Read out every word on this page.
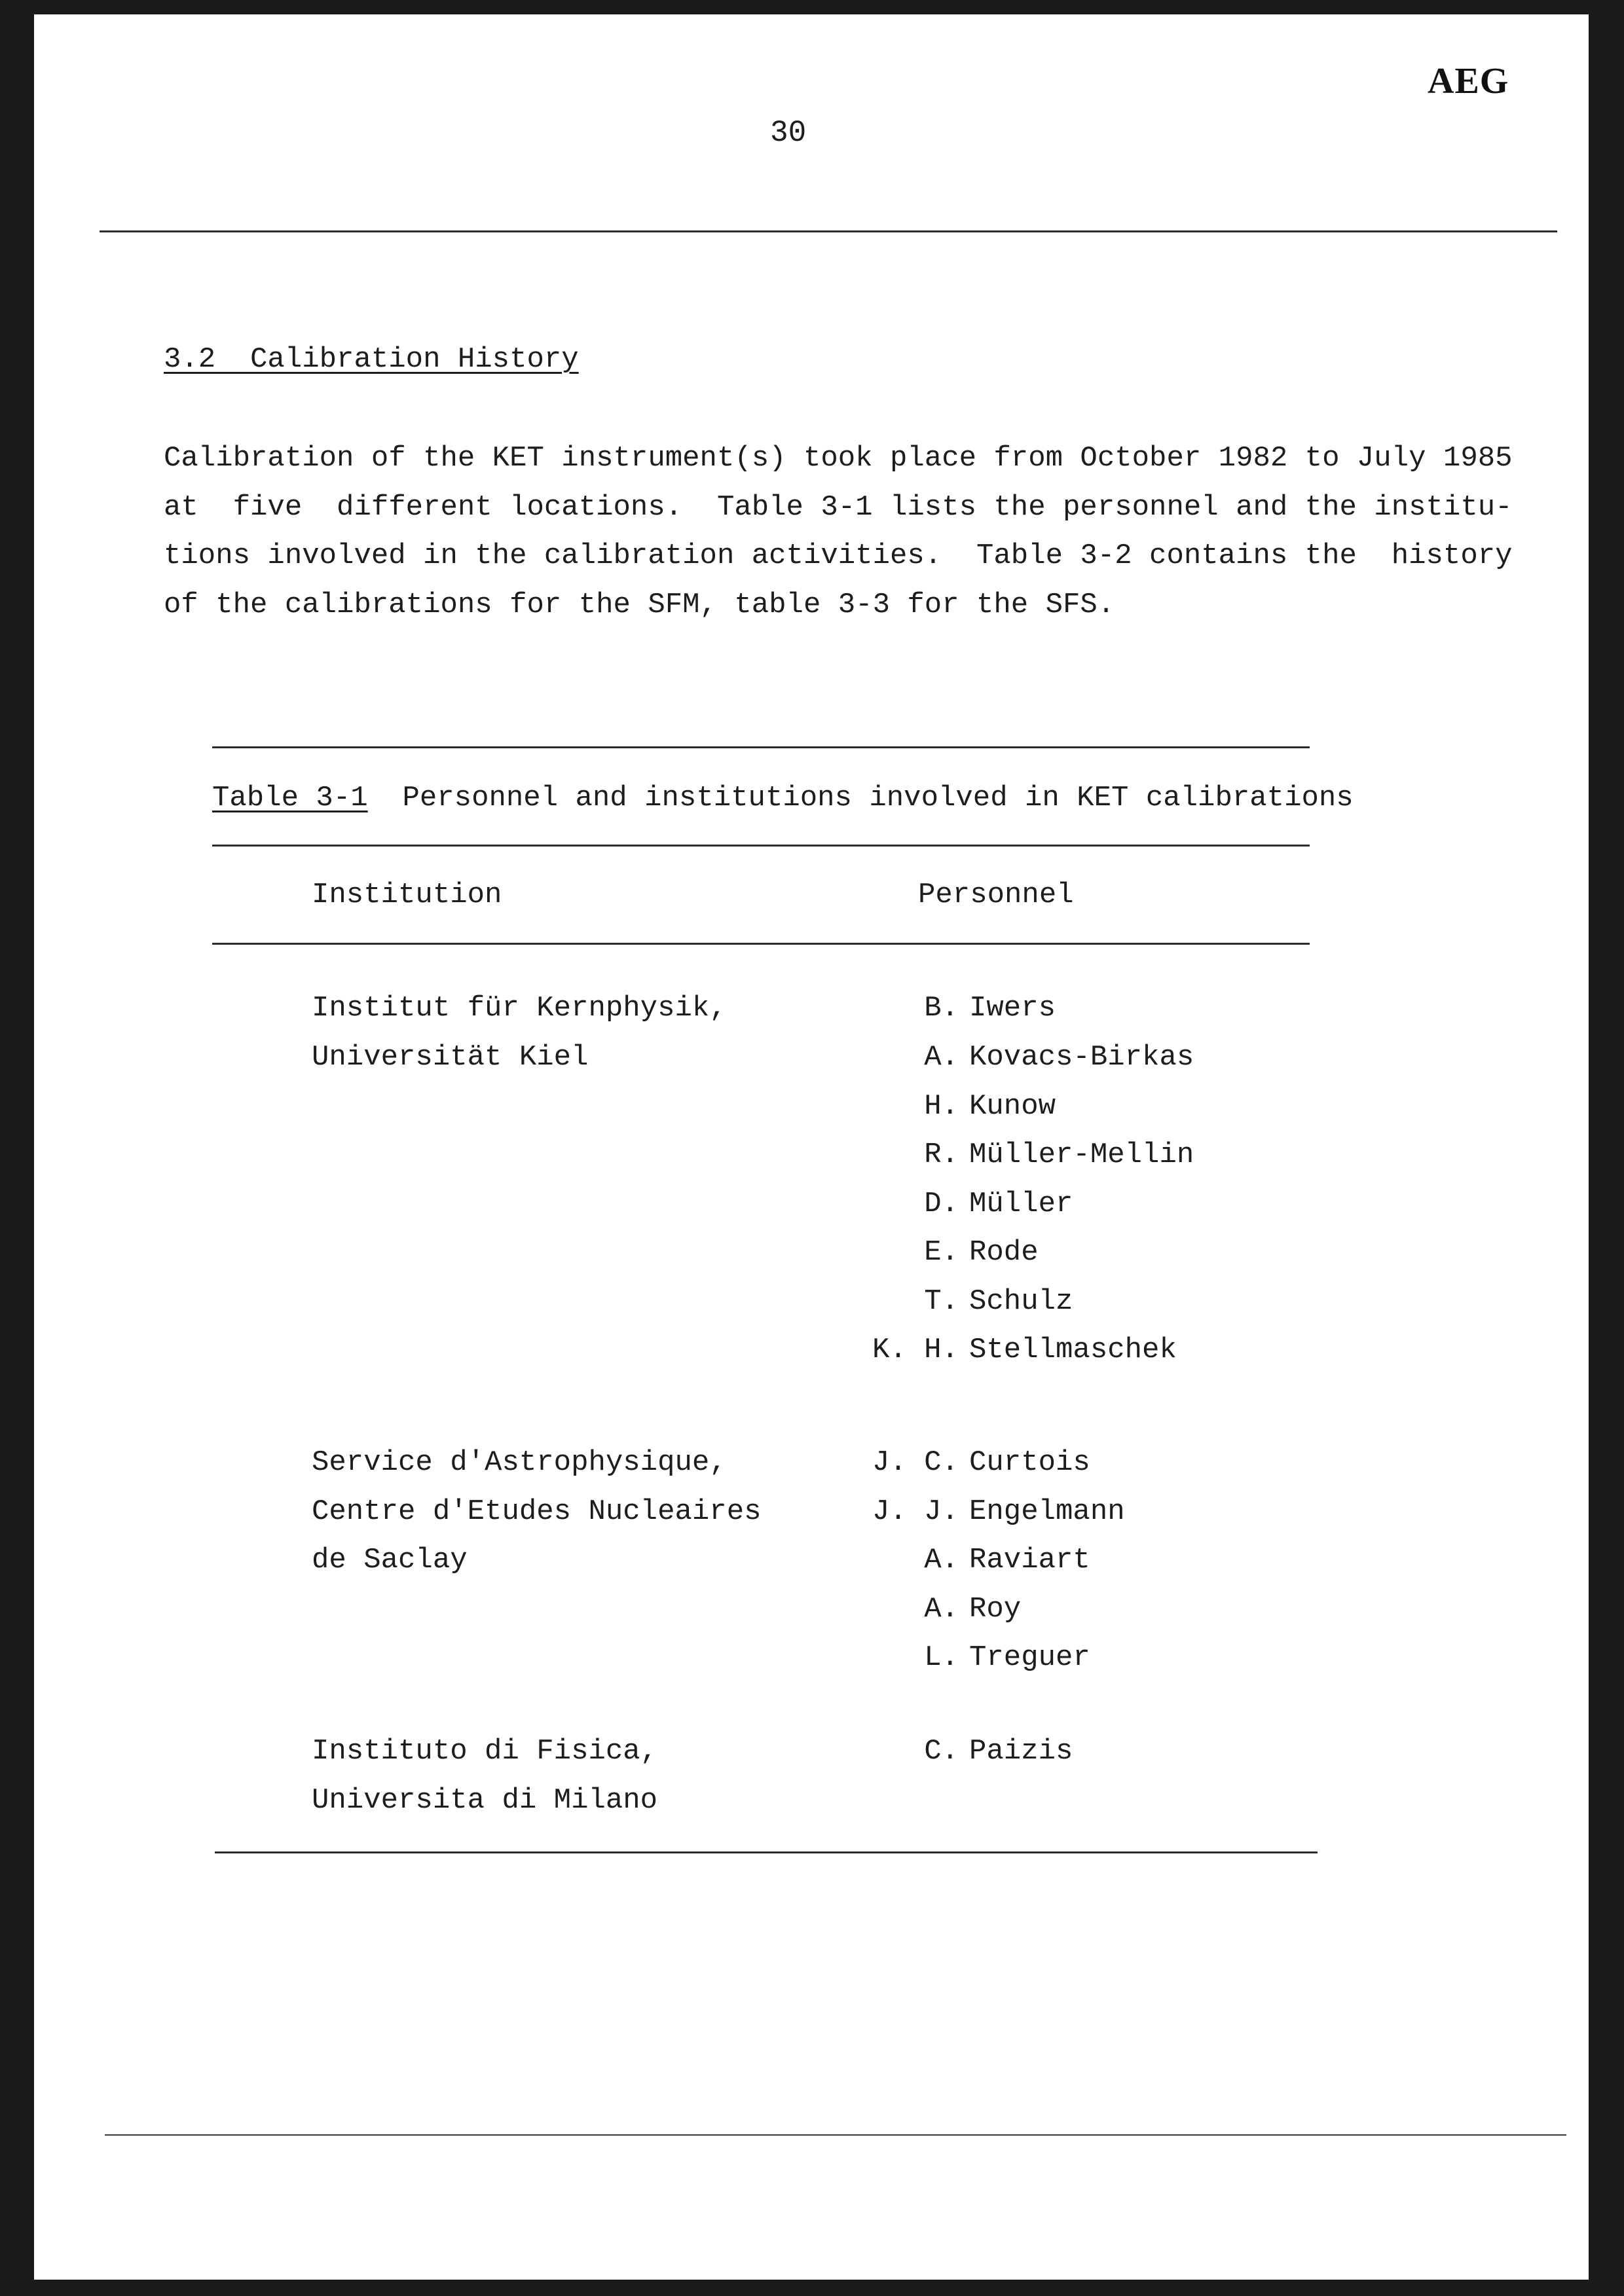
AEG
30
3.2  Calibration History
Calibration of the KET instrument(s) took place from October 1982 to July 1985
at  five  different locations.  Table 3-1 lists the personnel and the institu-
tions involved in the calibration activities.  Table 3-2 contains the  history
of the calibrations for the SFM, table 3-3 for the SFS.
Table 3-1 Personnel and institutions involved in KET calibrations
Institution	Personnel
Institut für Kernphysik,
Universität Kiel
B. Iwers
A. Kovacs-Birkas
H. Kunow
R. Müller-Mellin
D. Müller
E. Rode
T. Schulz
K. H. Stellmaschek
Service d'Astrophysique,
Centre d'Etudes Nucleaires
de Saclay
J. C. Curtois
J. J. Engelmann
A. Raviart
A. Roy
L. Treguer
Instituto di Fisica,
Universita di Milano
C. Paizis
